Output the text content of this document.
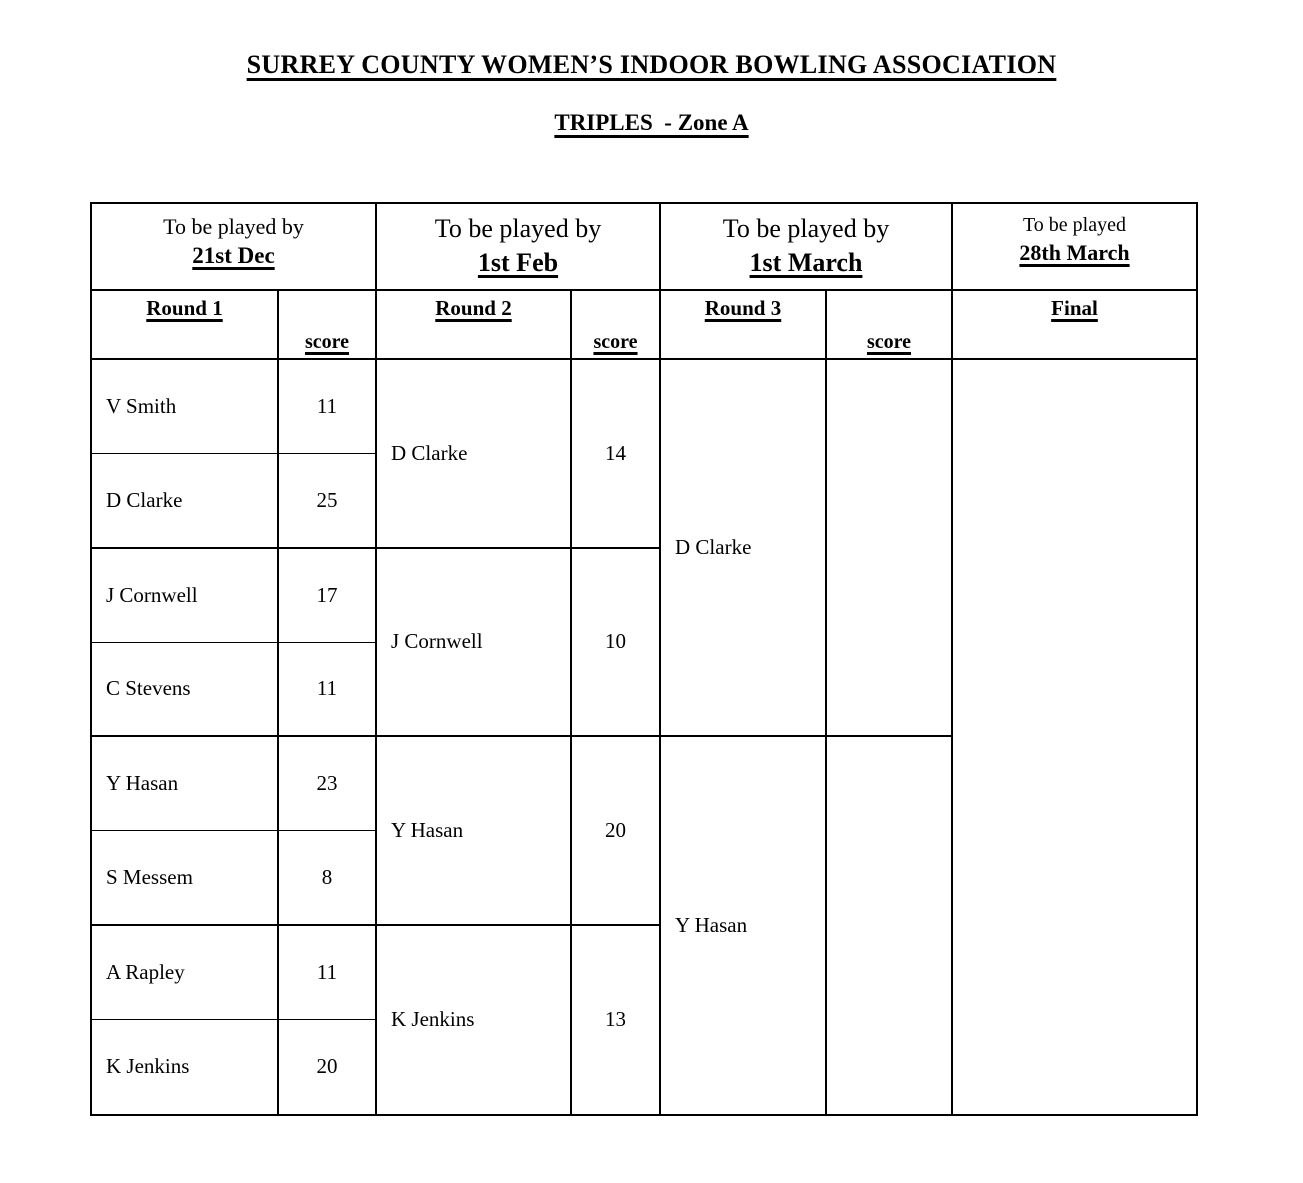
SURREY COUNTY WOMEN’S INDOOR BOWLING ASSOCIATION
TRIPLES  - Zone A
To be played by
21st Dec
To be played by
1st Feb
To be played by
1st March
To be played
28th March
Round 1
score
Round 2
score
Round 3
score
Final
V Smith
D Clarke
J Cornwell
C Stevens
Y Hasan
S Messem
A Rapley
K Jenkins
11
25
17
11
23
8
11
20
D Clarke
J Cornwell
Y Hasan
K Jenkins
14
10
20
13
D Clarke
Y Hasan
